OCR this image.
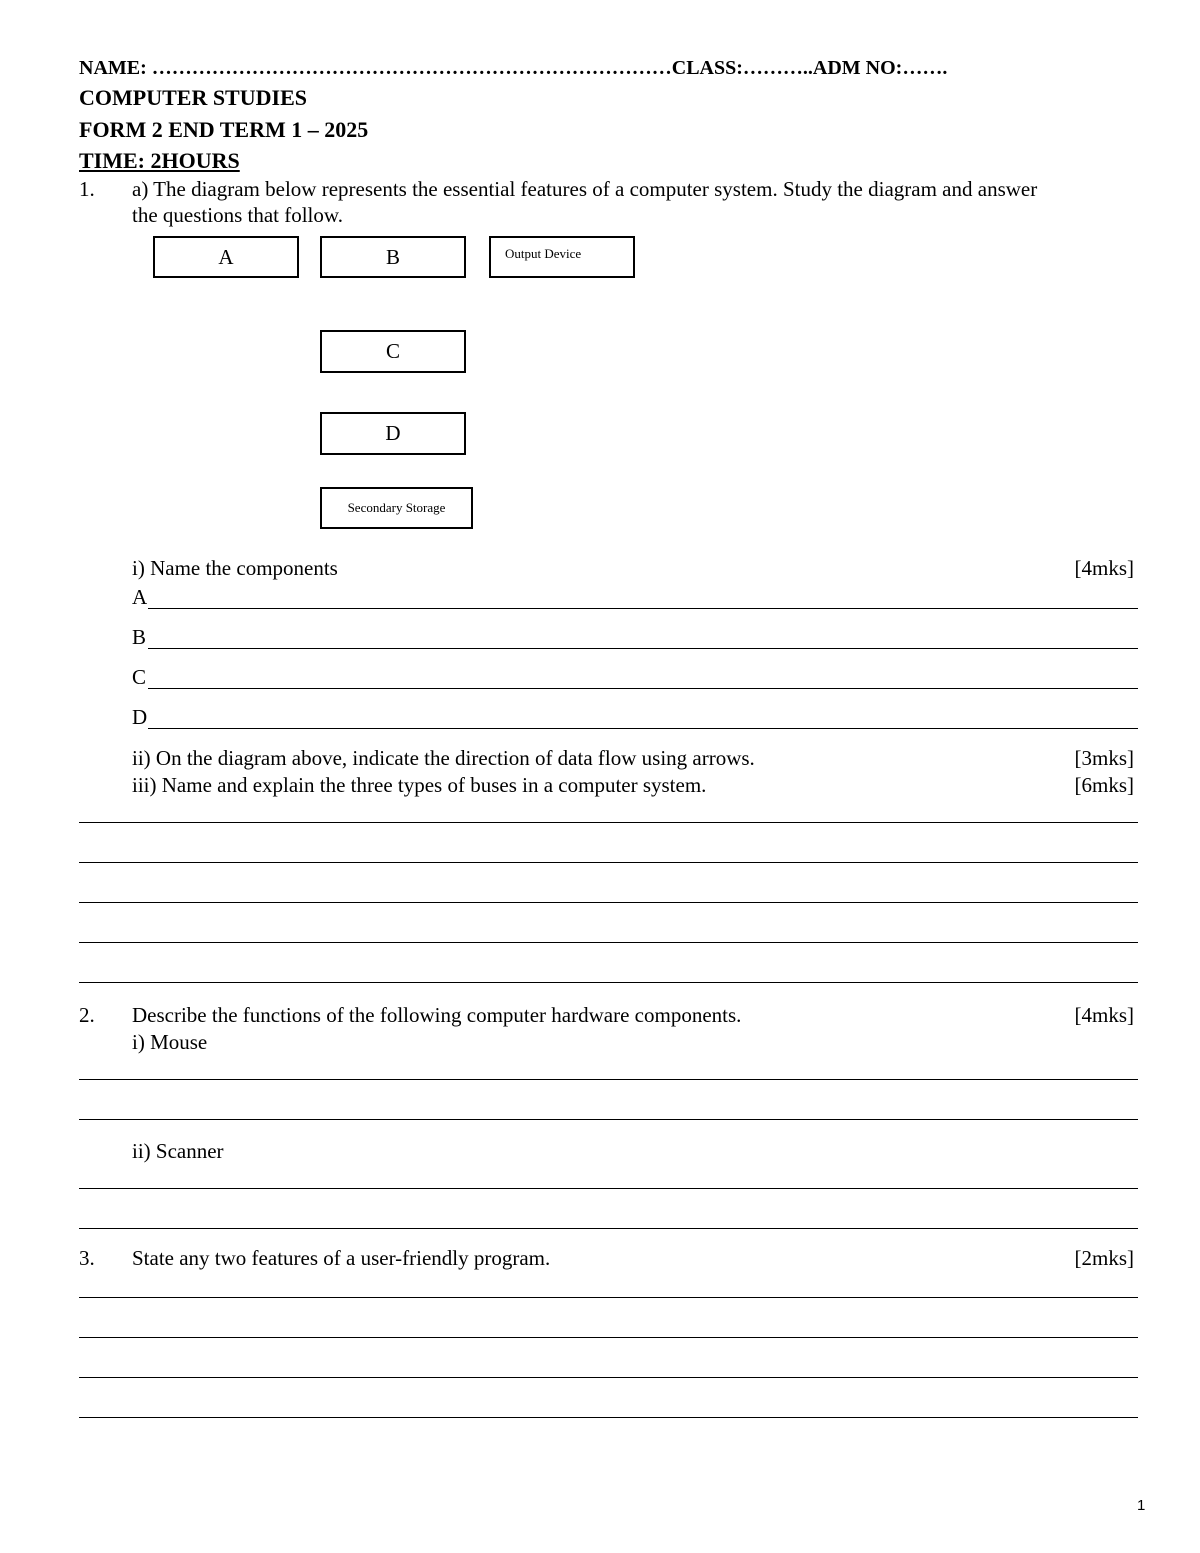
NAME: ……………………………………………………………………CLASS:………..ADM NO:…….
COMPUTER STUDIES
FORM 2 END TERM 1 – 2025
TIME: 2HOURS
1. a) The diagram below represents the essential features of a computer system. Study the diagram and answer
the questions that follow.
A	B	Output Device
C
D
Secondary Storage
i) Name the components	[4mks]
A
B
C
D
ii) On the diagram above, indicate the direction of data flow using arrows.	[3mks]
iii) Name and explain the three types of buses in a computer system.	[6mks]
2. Describe the functions of the following computer hardware components.	[4mks]
i) Mouse
ii) Scanner
3. State any two features of a user-friendly program.	[2mks]
1
